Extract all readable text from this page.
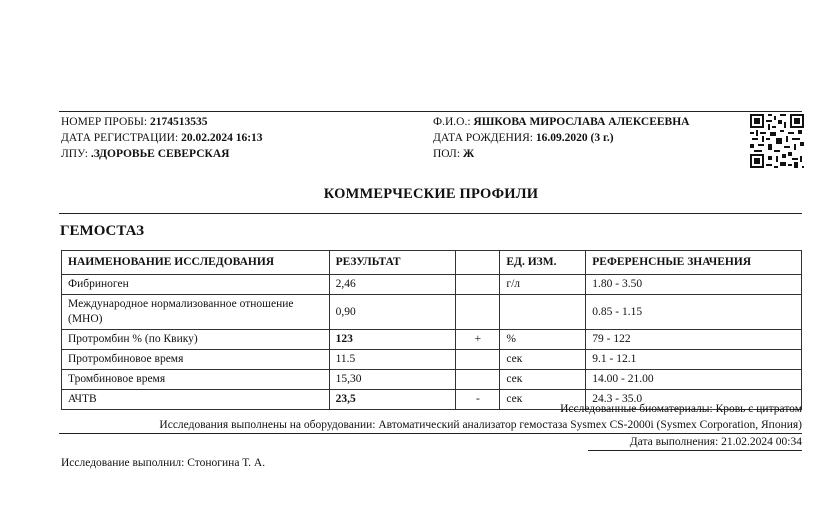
НОМЕР ПРОБЫ: 2174513535
ДАТА РЕГИСТРАЦИИ: 20.02.2024 16:13
ЛПУ: .ЗДОРОВЬЕ СЕВЕРСКАЯ
Ф.И.О.: ЯШКОВА МИРОСЛАВА АЛЕКСЕЕВНА
ДАТА РОЖДЕНИЯ: 16.09.2020 (3 г.)
ПОЛ: Ж
КОММЕРЧЕСКИЕ ПРОФИЛИ
ГЕМОСТАЗ
НАИМЕНОВАНИЕ ИССЛЕДОВАНИЯ	РЕЗУЛЬТАТ		ЕД. ИЗМ.	РЕФЕРЕНСНЫЕ ЗНАЧЕНИЯ
Фибриноген	2,46		г/л	1.80 - 3.50
Международное нормализованное отношение (МНО)	0,90			0.85 - 1.15
Протромбин % (по Квику)	123	+	%	79 - 122
Протромбиновое время	11.5		сек	9.1 - 12.1
Тромбиновое время	15,30		сек	14.00 - 21.00
АЧТВ	23,5	-	сек	24.3 - 35.0
Исследованные биоматериалы: Кровь с цитратом
Исследования выполнены на оборудовании: Автоматический анализатор гемостаза Sysmex CS-2000i (Sysmex Corporation, Япония)
Дата выполнения: 21.02.2024 00:34
Исследование выполнил: Стоногина Т. А.
